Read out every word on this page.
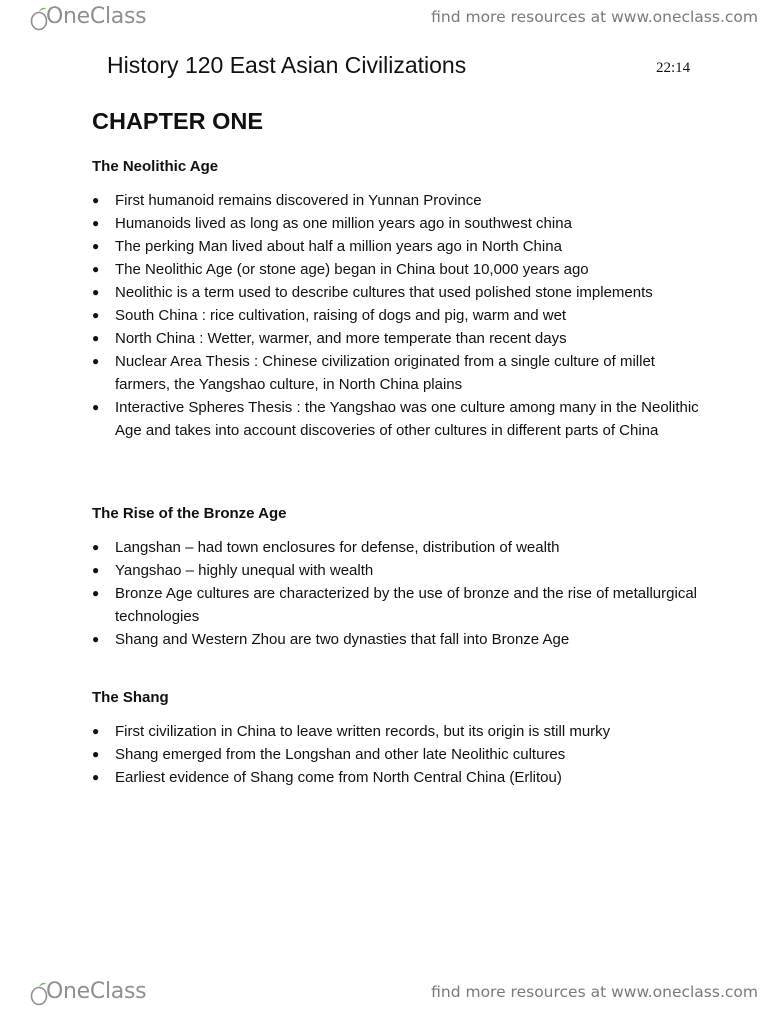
OneClass	find more resources at www.oneclass.com
History 120 East Asian Civilizations	22:14
CHAPTER ONE
The Neolithic Age
● First humanoid remains discovered in Yunnan Province
● Humanoids lived as long as one million years ago in southwest china
● The perking Man lived about half a million years ago in North China
● The Neolithic Age (or stone age) began in China bout 10,000 years ago
● Neolithic is a term used to describe cultures that used polished stone implements
● South China : rice cultivation, raising of dogs and pig, warm and wet
● North China : Wetter, warmer, and more temperate than recent days
● Nuclear Area Thesis : Chinese civilization originated from a single culture of millet farmers, the Yangshao culture, in North China plains
● Interactive Spheres Thesis : the Yangshao was one culture among many in the Neolithic Age and takes into account discoveries of other cultures in different parts of China
The Rise of the Bronze Age
● Langshan – had town enclosures for defense, distribution of wealth
● Yangshao – highly unequal with wealth
● Bronze Age cultures are characterized by the use of bronze and the rise of metallurgical technologies
● Shang and Western Zhou are two dynasties that fall into Bronze Age
The Shang
● First civilization in China to leave written records, but its origin is still murky
● Shang emerged from the Longshan and other late Neolithic cultures
● Earliest evidence of Shang come from North Central China (Erlitou)
OneClass	find more resources at www.oneclass.com
